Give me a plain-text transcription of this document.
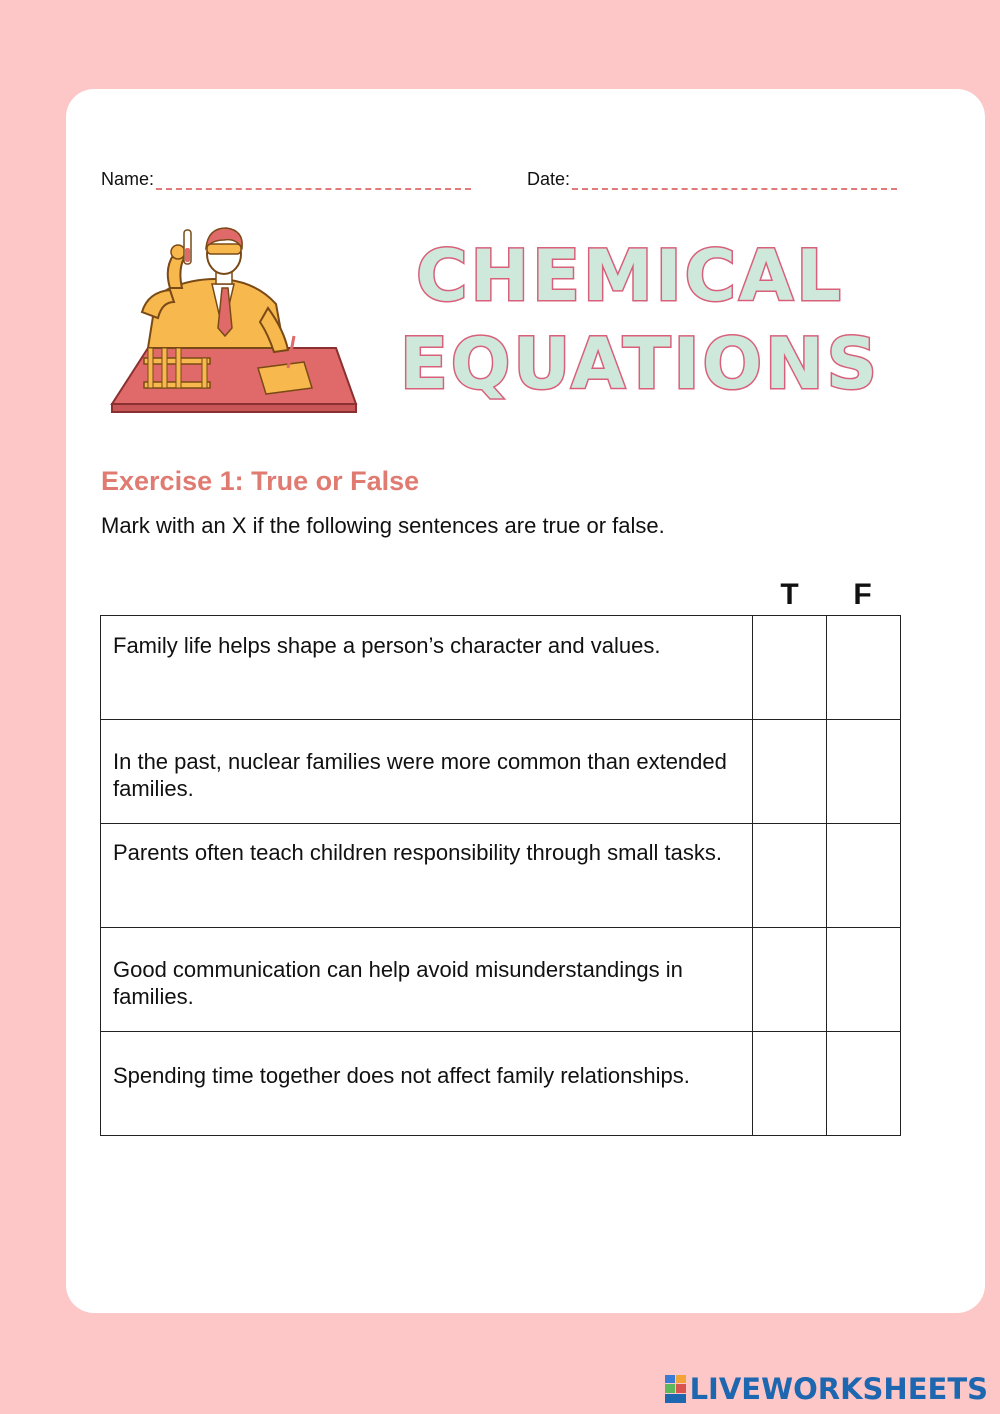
Name:	Date:
CHEMICAL
EQUATIONS
Exercise 1: True or False
Mark with an X if the following sentences are true or false.
T	F
Family life helps shape a person’s character and values.		
In the past, nuclear families were more common than extended families.		
Parents often teach children responsibility through small tasks.		
Good communication can help avoid misunderstandings in families.		
Spending time together does not affect family relationships.		
LIVEWORKSHEETS
